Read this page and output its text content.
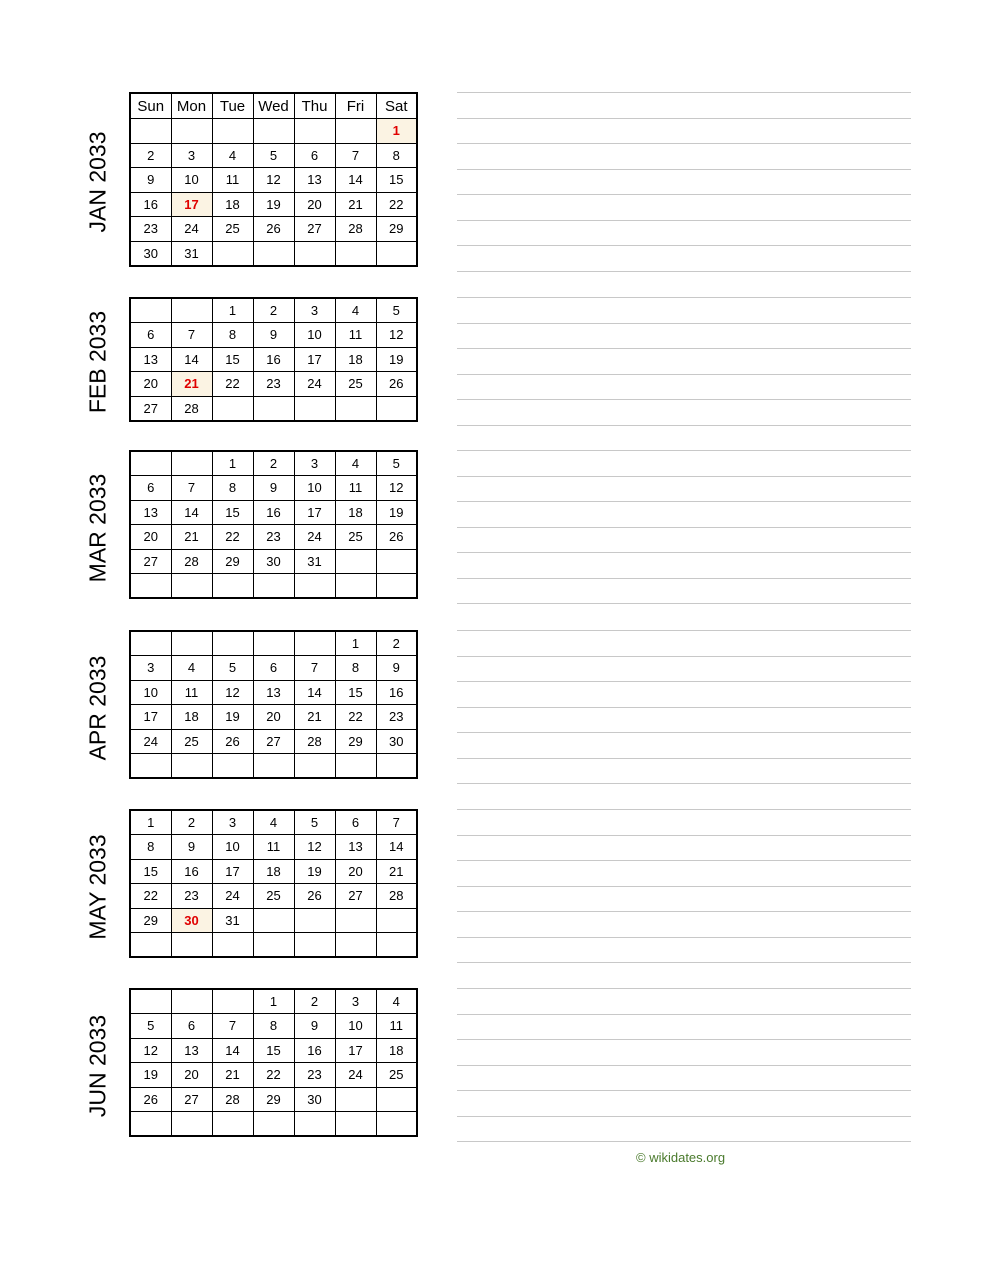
JAN 2033
Sun	Mon	Tue	Wed	Thu	Fri	Sat
						1
2	3	4	5	6	7	8
9	10	11	12	13	14	15
16	17	18	19	20	21	22
23	24	25	26	27	28	29
30	31					
FEB 2033
		1	2	3	4	5
6	7	8	9	10	11	12
13	14	15	16	17	18	19
20	21	22	23	24	25	26
27	28					
MAR 2033
		1	2	3	4	5
6	7	8	9	10	11	12
13	14	15	16	17	18	19
20	21	22	23	24	25	26
27	28	29	30	31		

APR 2033
					1	2
3	4	5	6	7	8	9
10	11	12	13	14	15	16
17	18	19	20	21	22	23
24	25	26	27	28	29	30

MAY 2033
1	2	3	4	5	6	7
8	9	10	11	12	13	14
15	16	17	18	19	20	21
22	23	24	25	26	27	28
29	30	31				

JUN 2033
			1	2	3	4
5	6	7	8	9	10	11
12	13	14	15	16	17	18
19	20	21	22	23	24	25
26	27	28	29	30		

© wikidates.org
